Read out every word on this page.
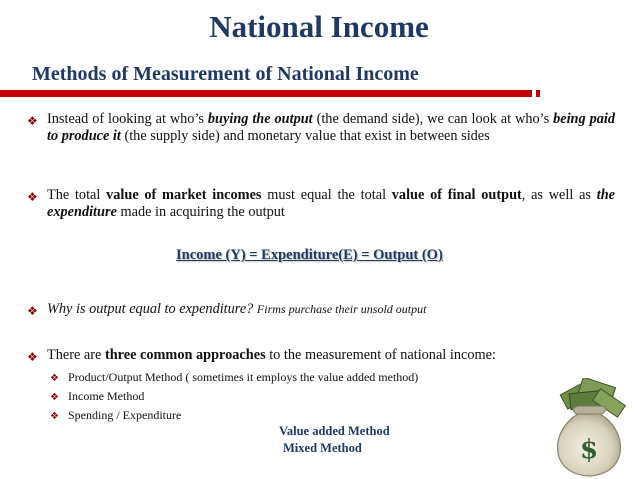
National Income
Methods of Measurement of National Income
❖ Instead of looking at who’s buying the output (the demand side), we can look at who’s being paid to produce it (the supply side) and monetary value that exist in between sides
❖ The total value of market incomes must equal the total value of final output, as well as the expenditure made in acquiring the output
Income (Y) = Expenditure(E) = Output (O)
❖ Why is output equal to expenditure? Firms purchase their unsold output
❖ There are three common approaches to the measurement of national income:
❖ Product/Output Method ( sometimes it employs the value added method)
❖ Income Method
❖ Spending / Expenditure
Value added Method
Mixed Method	$
